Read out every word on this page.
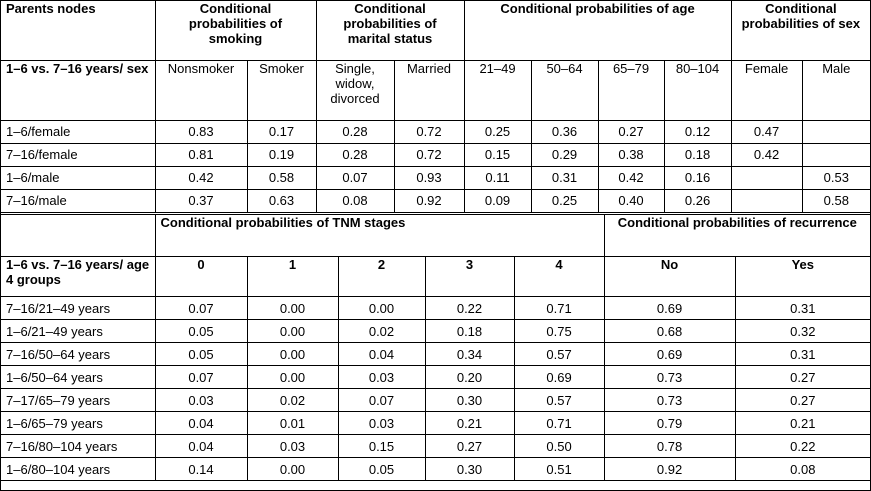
Parents nodes	Conditional probabilities of smoking		Conditional probabilities of marital status		Conditional probabilities of age				Conditional probabilities of sex	
1–6 vs. 7–16 years/ sex	Nonsmoker	Smoker	Single, widow, divorced	Married	21–49	50–64	65–79	80–104	Female	Male
1–6/female	0.83	0.17	0.28	0.72	0.25	0.36	0.27	0.12	0.47	
7–16/female	0.81	0.19	0.28	0.72	0.15	0.29	0.38	0.18	0.42	
1–6/male	0.42	0.58	0.07	0.93	0.11	0.31	0.42	0.16		0.53
7–16/male	0.37	0.63	0.08	0.92	0.09	0.25	0.40	0.26		0.58
	Conditional probabilities of TNM stages					Conditional probabilities of recurrence	
1–6 vs. 7–16 years/ age 4 groups	0	1	2	3	4	No	Yes
7–16/21–49 years	0.07	0.00	0.00	0.22	0.71	0.69	0.31
1–6/21–49 years	0.05	0.00	0.02	0.18	0.75	0.68	0.32
7–16/50–64 years	0.05	0.00	0.04	0.34	0.57	0.69	0.31
1–6/50–64 years	0.07	0.00	0.03	0.20	0.69	0.73	0.27
7–17/65–79 years	0.03	0.02	0.07	0.30	0.57	0.73	0.27
1–6/65–79 years	0.04	0.01	0.03	0.21	0.71	0.79	0.21
7–16/80–104 years	0.04	0.03	0.15	0.27	0.50	0.78	0.22
1–6/80–104 years	0.14	0.00	0.05	0.30	0.51	0.92	0.08
